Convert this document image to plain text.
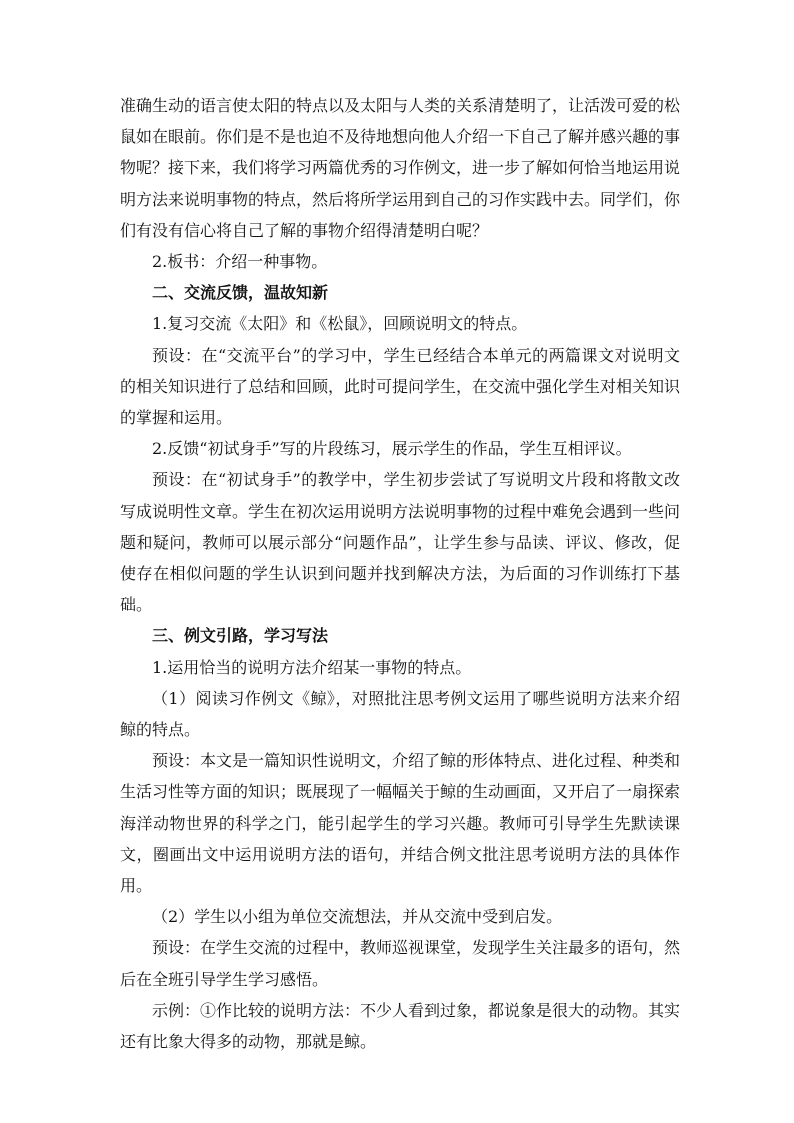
准确生动的语言使太阳的特点以及太阳与人类的关系清楚明了，让活泼可爱的松鼠如在眼前。你们是不是也迫不及待地想向他人介绍一下自己了解并感兴趣的事物呢？接下来，我们将学习两篇优秀的习作例文，进一步了解如何恰当地运用说明方法来说明事物的特点，然后将所学运用到自己的习作实践中去。同学们，你们有没有信心将自己了解的事物介绍得清楚明白呢？

2.板书：介绍一种事物。

二、交流反馈，温故知新

1.复习交流《太阳》和《松鼠》，回顾说明文的特点。

预设：在“交流平台”的学习中，学生已经结合本单元的两篇课文对说明文的相关知识进行了总结和回顾，此时可提问学生，在交流中强化学生对相关知识的掌握和运用。

2.反馈“初试身手”写的片段练习，展示学生的作品，学生互相评议。

预设：在“初试身手”的教学中，学生初步尝试了写说明文片段和将散文改写成说明性文章。学生在初次运用说明方法说明事物的过程中难免会遇到一些问题和疑问，教师可以展示部分“问题作品”，让学生参与品读、评议、修改，促使存在相似问题的学生认识到问题并找到解决方法，为后面的习作训练打下基础。

三、例文引路，学习写法

1.运用恰当的说明方法介绍某一事物的特点。

（1）阅读习作例文《鲸》，对照批注思考例文运用了哪些说明方法来介绍鲸的特点。

预设：本文是一篇知识性说明文，介绍了鲸的形体特点、进化过程、种类和生活习性等方面的知识；既展现了一幅幅关于鲸的生动画面，又开启了一扇探索海洋动物世界的科学之门，能引起学生的学习兴趣。教师可引导学生先默读课文，圈画出文中运用说明方法的语句，并结合例文批注思考说明方法的具体作用。

（2）学生以小组为单位交流想法，并从交流中受到启发。

预设：在学生交流的过程中，教师巡视课堂，发现学生关注最多的语句，然后在全班引导学生学习感悟。

示例：①作比较的说明方法：不少人看到过象，都说象是很大的动物。其实还有比象大得多的动物，那就是鲸。
